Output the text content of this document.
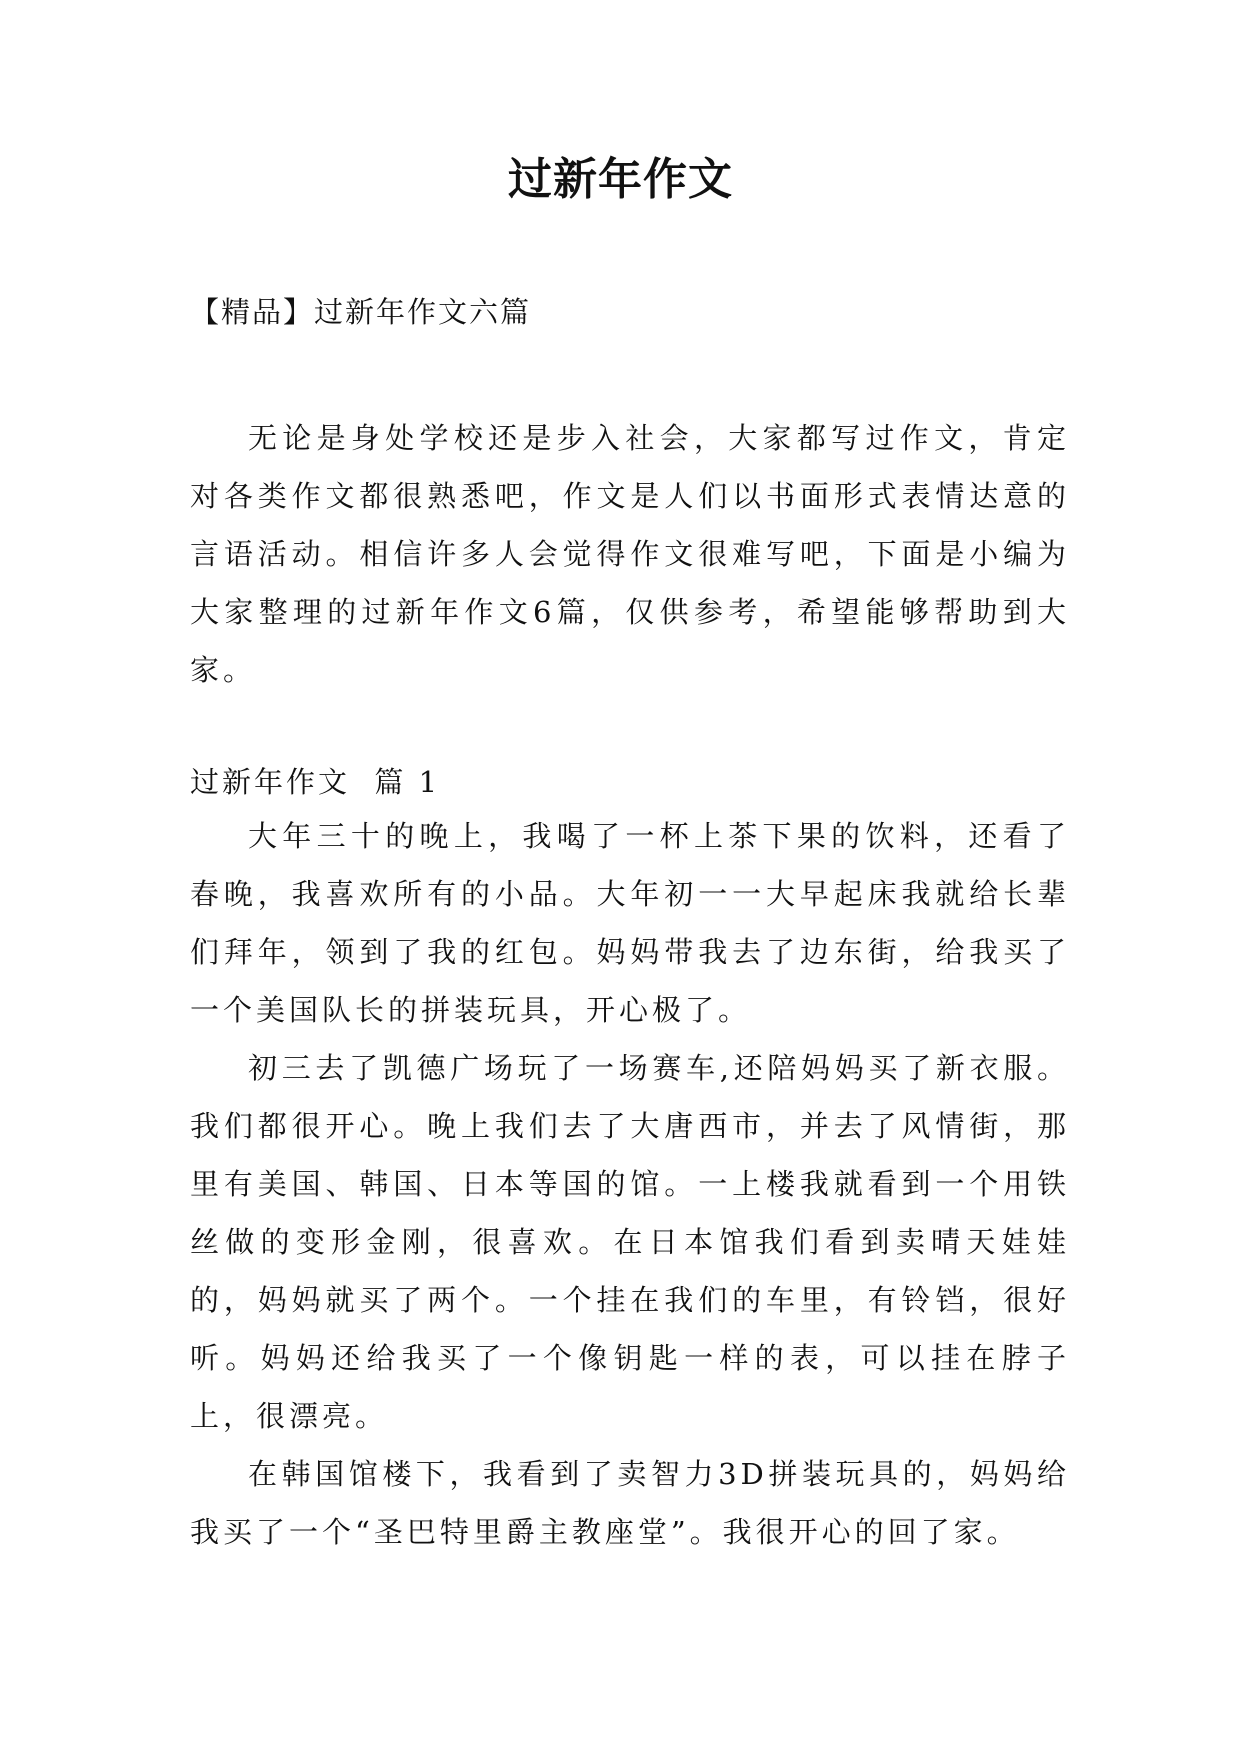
过新年作文
【精品】过新年作文六篇

无论是身处学校还是步入社会，大家都写过作文，肯定对各类作文都很熟悉吧，作文是人们以书面形式表情达意的言语活动。相信许多人会觉得作文很难写吧，下面是小编为大家整理的过新年作文6篇，仅供参考，希望能够帮助到大家。

过新年作文  篇 1

大年三十的晚上，我喝了一杯上茶下果的饮料，还看了春晚，我喜欢所有的小品。大年初一一大早起床我就给长辈们拜年，领到了我的红包。妈妈带我去了边东街，给我买了一个美国队长的拼装玩具，开心极了。

初三去了凯德广场玩了一场赛车,还陪妈妈买了新衣服。我们都很开心。晚上我们去了大唐西市，并去了风情街，那里有美国、韩国、日本等国的馆。一上楼我就看到一个用铁丝做的变形金刚，很喜欢。在日本馆我们看到卖晴天娃娃的，妈妈就买了两个。一个挂在我们的车里，有铃铛，很好听。妈妈还给我买了一个像钥匙一样的表，可以挂在脖子上，很漂亮。

在韩国馆楼下，我看到了卖智力3D拼装玩具的，妈妈给我买了一个“圣巴特里爵主教座堂”。我很开心的回了家。
